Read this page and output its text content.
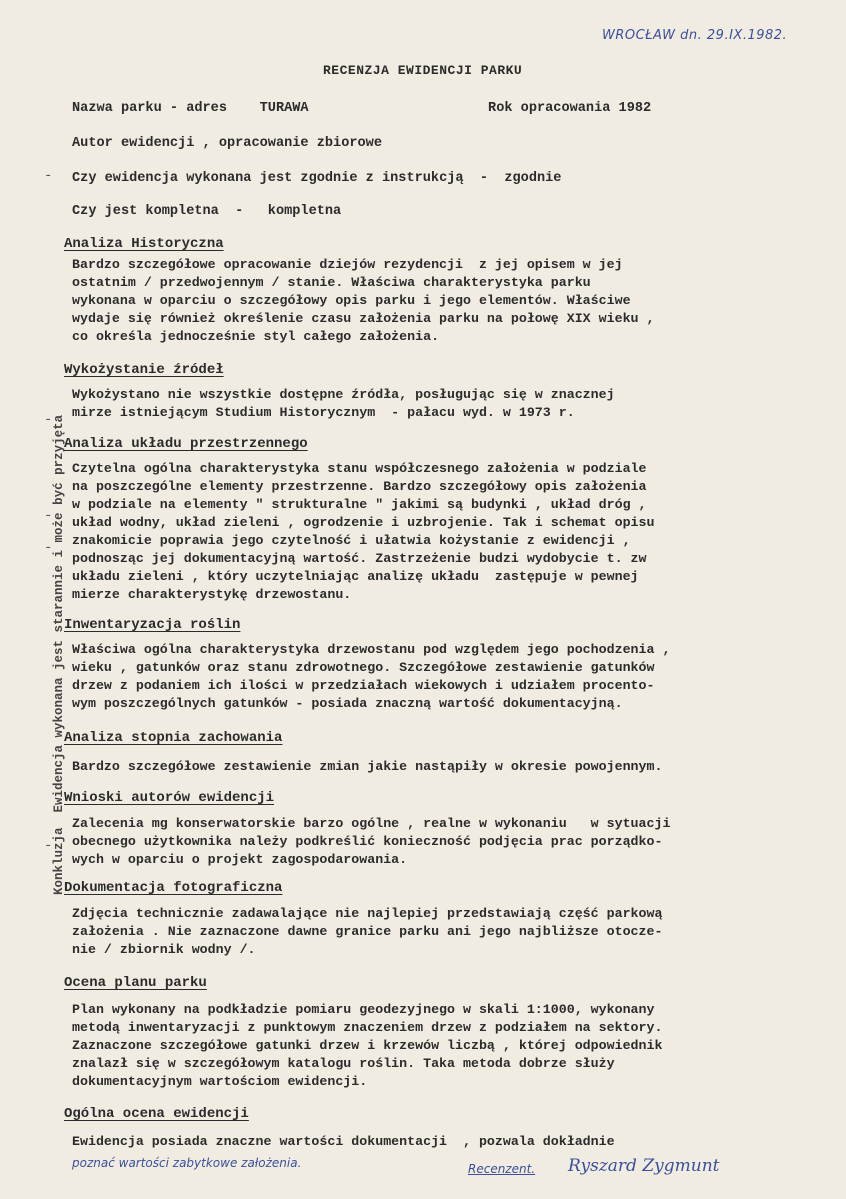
WROCŁAW dn. 29.IX.1982.
RECENZJA EWIDENCJI PARKU
Nazwa parku - adres    TURAWA                      Rok opracowania 1982
Autor ewidencji , opracowanie zbiorowe
Czy ewidencja wykonana jest zgodnie z instrukcją  -  zgodnie
Czy jest kompletna  -   kompletna
Analiza Historyczna
Bardzo szczegółowe opracowanie dziejów rezydencji  z jej opisem w jej
ostatnim / przedwojennym / stanie. Właściwa charakterystyka parku
wykonana w oparciu o szczegółowy opis parku i jego elementów. Właściwe
wydaje się również określenie czasu założenia parku na połowę XIX wieku ,
co określa jednocześnie styl całego założenia.
Wykożystanie źródeł
Wykożystano nie wszystkie dostępne źródła, posługując się w znacznej
mirze istniejącym Studium Historycznym  - pałacu wyd. w 1973 r.
Analiza układu przestrzennego
Czytelna ogólna charakterystyka stanu współczesnego założenia w podziale
na poszczególne elementy przestrzenne. Bardzo szczegółowy opis założenia
w podziale na elementy " strukturalne " jakimi są budynki , układ dróg ,
układ wodny, układ zieleni , ogrodzenie i uzbrojenie. Tak i schemat opisu
znakomicie poprawia jego czytelność i ułatwia kożystanie z ewidencji ,
podnosząc jej dokumentacyjną wartość. Zastrzeżenie budzi wydobycie t. zw
układu zieleni , który uczytelniając analizę układu  zastępuje w pewnej
mierze charakterystykę drzewostanu.
Inwentaryzacja roślin
Właściwa ogólna charakterystyka drzewostanu pod względem jego pochodzenia ,
wieku , gatunków oraz stanu zdrowotnego. Szczegółowe zestawienie gatunków
drzew z podaniem ich ilości w przedziałach wiekowych i udziałem procento-
wym poszczególnych gatunków - posiada znaczną wartość dokumentacyjną.
Analiza stopnia zachowania
Bardzo szczegółowe zestawienie zmian jakie nastąpiły w okresie powojennym.
Wnioski autorów ewidencji
Zalecenia mg konserwatorskie barzo ogólne , realne w wykonaniu   w sytuacji
obecnego użytkownika należy podkreślić konieczność podjęcia prac porządko-
wych w oparciu o projekt zagospodarowania.
Dokumentacja fotograficzna
Zdjęcia technicznie zadawalające nie najlepiej przedstawiają część parkową
założenia . Nie zaznaczone dawne granice parku ani jego najbliższe otocze-
nie / zbiornik wodny /.
Ocena planu parku
Plan wykonany na podkładzie pomiaru geodezyjnego w skali 1:1000, wykonany
metodą inwentaryzacji z punktowym znaczeniem drzew z podziałem na sektory.
Zaznaczone szczegółowe gatunki drzew i krzewów liczbą , której odpowiednik
znalazł się w szczegółowym katalogu roślin. Taka metoda dobrze służy
dokumentacyjnym wartościom ewidencji.
Ogólna ocena ewidencji
Ewidencja posiada znaczne wartości dokumentacji  , pozwala dokładnie
poznać wartości zabytkowe założenia.	Recenzent. Ryszard Zygmunt
‐
‐
‐
‐
‐ Konkluzja  Ewidencja wykonana jest starannie i może być przyjęta
